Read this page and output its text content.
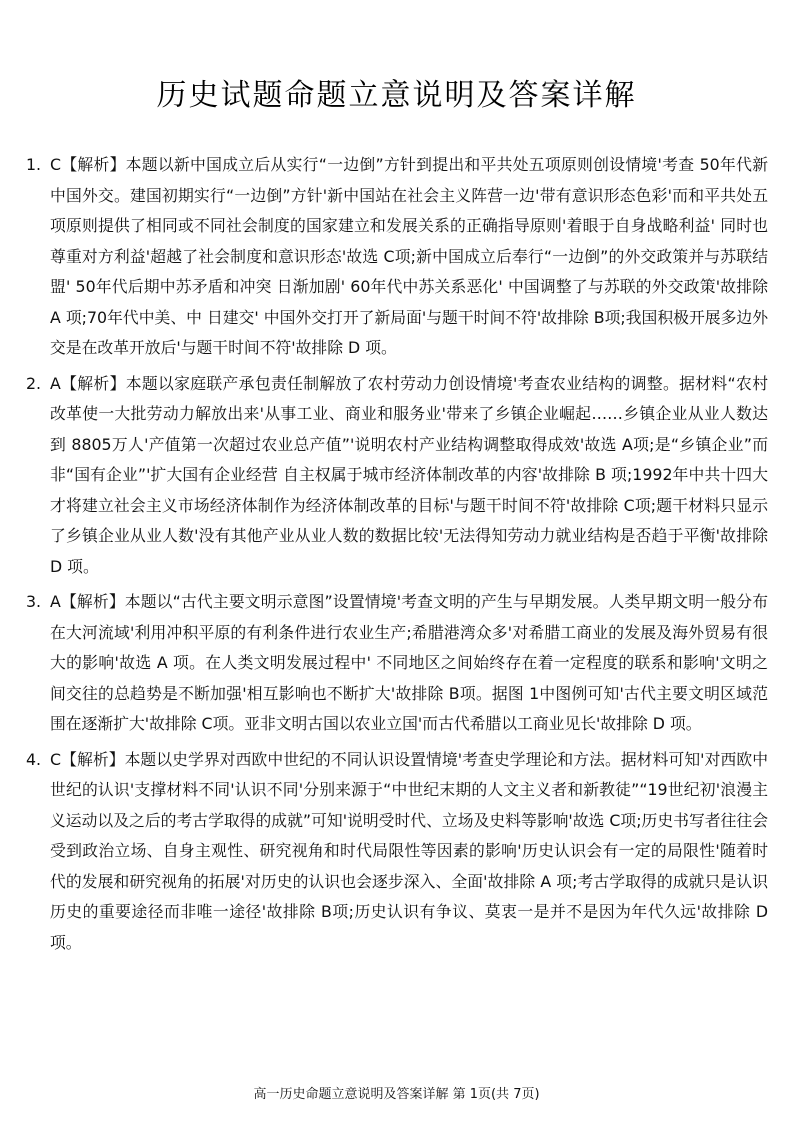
历史试题命题立意说明及答案详解
1. C【解析】本题以新中国成立后从实行“一边倒”方针到提出和平共处五项原则创设情境'考查 50年代新中国外交。建国初期实行“一边倒”方针'新中国站在社会主义阵营一边'带有意识形态色彩'而和平共处五项原则提供了相同或不同社会制度的国家建立和发展关系的正确指导原则'着眼于自身战略利益' 同时也尊重对方利益'超越了社会制度和意识形态'故选 C项;新中国成立后奉行“一边倒”的外交政策并与苏联结盟' 50年代后期中苏矛盾和冲突 日渐加剧' 60年代中苏关系恶化' 中国调整了与苏联的外交政策'故排除 A 项;70年代中美、中 日建交' 中国外交打开了新局面'与题干时间不符'故排除 B项;我国积极开展多边外交是在改革开放后'与题干时间不符'故排除 D 项。
2. A【解析】本题以家庭联产承包责任制解放了农村劳动力创设情境'考查农业结构的调整。据材料“农村改革使一大批劳动力解放出来'从事工业、商业和服务业'带来了乡镇企业崛起……乡镇企业从业人数达到 8805万人'产值第一次超过农业总产值”'说明农村产业结构调整取得成效'故选 A项;是“乡镇企业”而非“国有企业”'扩大国有企业经营 自主权属于城市经济体制改革的内容'故排除 B 项;1992年中共十四大才将建立社会主义市场经济体制作为经济体制改革的目标'与题干时间不符'故排除 C项;题干材料只显示了乡镇企业从业人数'没有其他产业从业人数的数据比较'无法得知劳动力就业结构是否趋于平衡'故排除 D 项。
3. A【解析】本题以“古代主要文明示意图”设置情境'考查文明的产生与早期发展。人类早期文明一般分布在大河流域'利用冲积平原的有利条件进行农业生产;希腊港湾众多'对希腊工商业的发展及海外贸易有很大的影响'故选 A 项。在人类文明发展过程中' 不同地区之间始终存在着一定程度的联系和影响'文明之间交往的总趋势是不断加强'相互影响也不断扩大'故排除 B项。据图 1中图例可知'古代主要文明区域范围在逐渐扩大'故排除 C项。亚非文明古国以农业立国'而古代希腊以工商业见长'故排除 D 项。
4. C【解析】本题以史学界对西欧中世纪的不同认识设置情境'考查史学理论和方法。据材料可知'对西欧中世纪的认识'支撑材料不同'认识不同'分别来源于“中世纪末期的人文主义者和新教徒”“19世纪初'浪漫主义运动以及之后的考古学取得的成就”可知'说明受时代、立场及史料等影响'故选 C项;历史书写者往往会受到政治立场、自身主观性、研究视角和时代局限性等因素的影响'历史认识会有一定的局限性'随着时代的发展和研究视角的拓展'对历史的认识也会逐步深入、全面'故排除 A 项;考古学取得的成就只是认识历史的重要途径而非唯一途径'故排除 B项;历史认识有争议、莫衷一是并不是因为年代久远'故排除 D 项。
高一历史命题立意说明及答案详解 第 1页(共 7页)
